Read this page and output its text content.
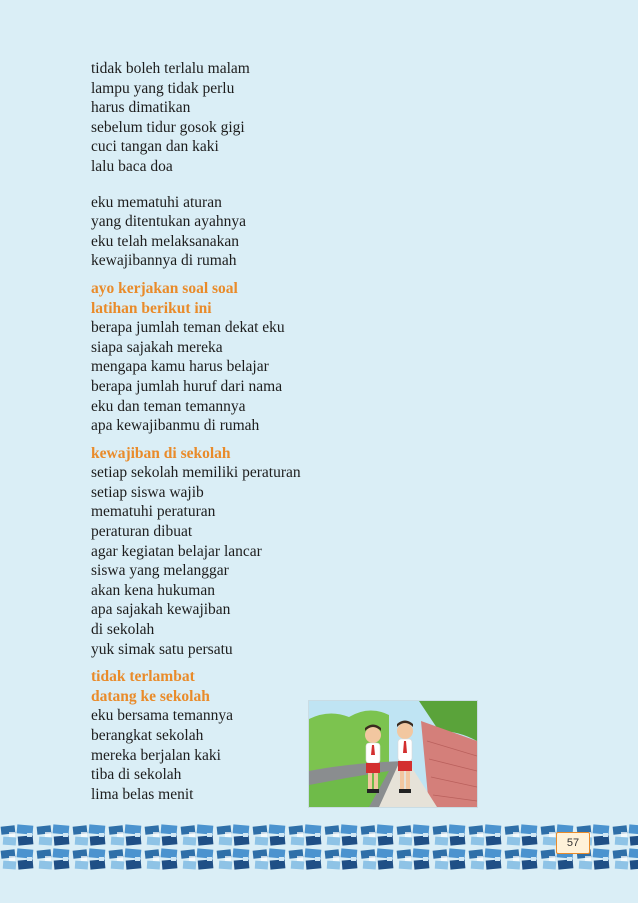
tidak boleh terlalu malam
lampu yang tidak perlu
harus dimatikan
sebelum tidur gosok gigi
cuci tangan dan kaki
lalu baca doa
eku mematuhi aturan
yang ditentukan ayahnya
eku telah melaksanakan
kewajibannya di rumah
ayo kerjakan soal soal
latihan berikut ini
berapa jumlah teman dekat eku
siapa sajakah mereka
mengapa kamu harus belajar
berapa jumlah huruf dari nama
eku dan teman temannya
apa kewajibanmu di rumah
kewajiban di sekolah
setiap sekolah memiliki peraturan
setiap siswa wajib
mematuhi peraturan
peraturan dibuat
agar kegiatan belajar lancar
siswa yang melanggar
akan kena hukuman
apa sajakah kewajiban
di sekolah
yuk simak satu persatu
tidak terlambat
datang ke sekolah
eku bersama temannya
berangkat sekolah
mereka berjalan kaki
tiba di sekolah
lima belas menit
57
